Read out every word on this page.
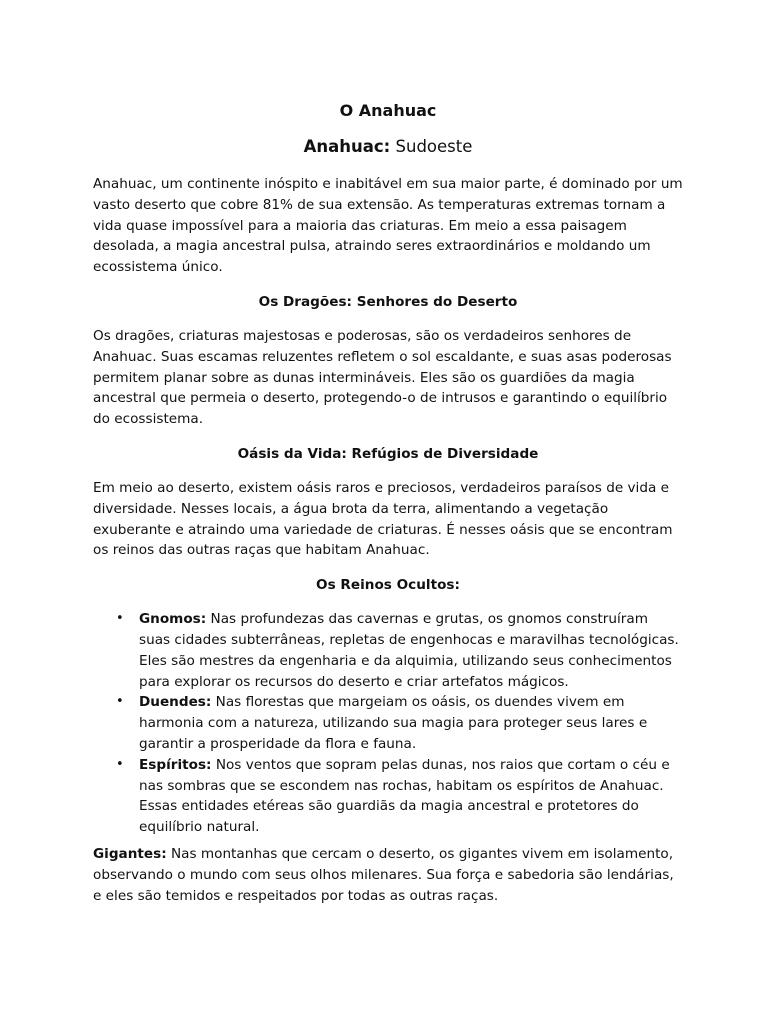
O Anahuac
Anahuac: Sudoeste

Anahuac, um continente inóspito e inabitável em sua maior parte, é dominado por um vasto deserto que cobre 81% de sua extensão. As temperaturas extremas tornam a vida quase impossível para a maioria das criaturas. Em meio a essa paisagem desolada, a magia ancestral pulsa, atraindo seres extraordinários e moldando um ecossistema único.

Os Dragões: Senhores do Deserto

Os dragões, criaturas majestosas e poderosas, são os verdadeiros senhores de Anahuac. Suas escamas reluzentes refletem o sol escaldante, e suas asas poderosas permitem planar sobre as dunas intermináveis. Eles são os guardiões da magia ancestral que permeia o deserto, protegendo-o de intrusos e garantindo o equilíbrio do ecossistema.

Oásis da Vida: Refúgios de Diversidade

Em meio ao deserto, existem oásis raros e preciosos, verdadeiros paraísos de vida e diversidade. Nesses locais, a água brota da terra, alimentando a vegetação exuberante e atraindo uma variedade de criaturas. É nesses oásis que se encontram os reinos das outras raças que habitam Anahuac.

Os Reinos Ocultos:
• Gnomos: Nas profundezas das cavernas e grutas, os gnomos construíram suas cidades subterrâneas, repletas de engenhocas e maravilhas tecnológicas. Eles são mestres da engenharia e da alquimia, utilizando seus conhecimentos para explorar os recursos do deserto e criar artefatos mágicos.
• Duendes: Nas florestas que margeiam os oásis, os duendes vivem em harmonia com a natureza, utilizando sua magia para proteger seus lares e garantir a prosperidade da flora e fauna.
• Espíritos: Nos ventos que sopram pelas dunas, nos raios que cortam o céu e nas sombras que se escondem nas rochas, habitam os espíritos de Anahuac. Essas entidades etéreas são guardiãs da magia ancestral e protetores do equilíbrio natural.

Gigantes: Nas montanhas que cercam o deserto, os gigantes vivem em isolamento, observando o mundo com seus olhos milenares. Sua força e sabedoria são lendárias, e eles são temidos e respeitados por todas as outras raças.
